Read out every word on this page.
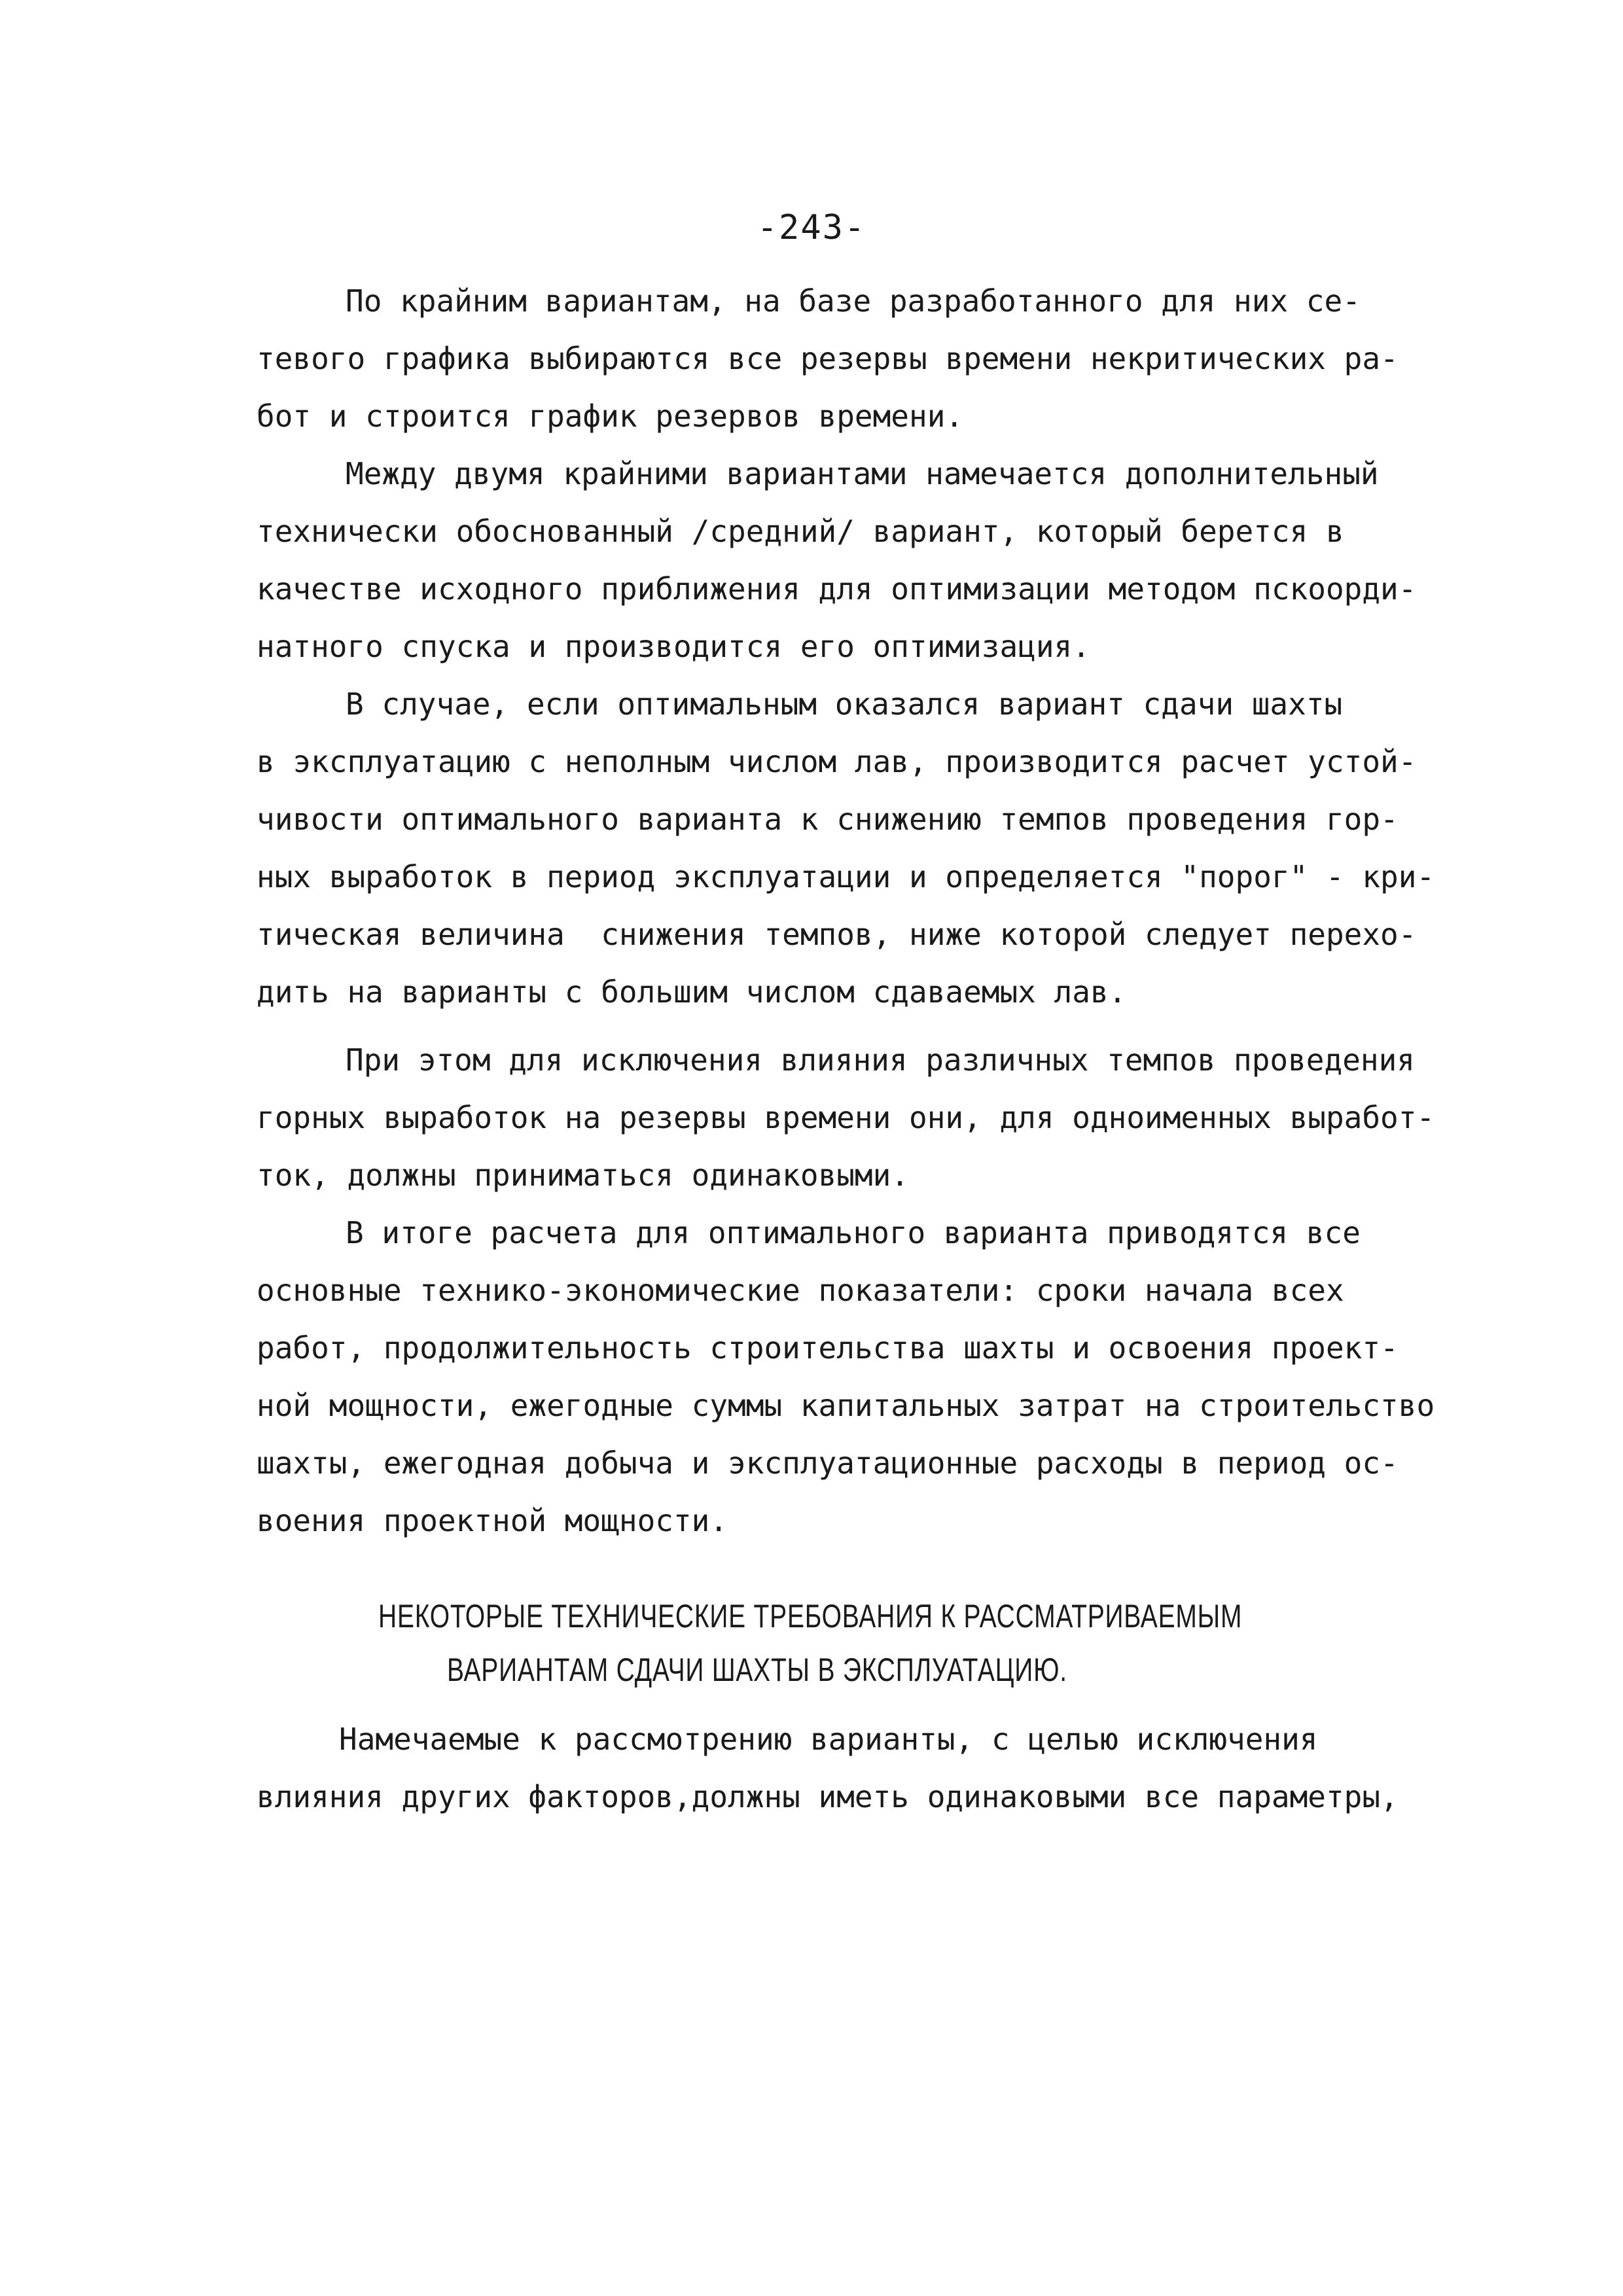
-243-
По крайним вариантам, на базе разработанного для них се-
тевого графика выбираются все резервы времени некритических ра-
бот и строится график резервов времени.
Между двумя крайними вариантами намечается дополнительный
технически обоснованный /средний/ вариант, который берется в
качестве исходного приближения для оптимизации методом пскоорди-
натного спуска и производится его оптимизация.
В случае, если оптимальным оказался вариант сдачи шахты
в эксплуатацию с неполным числом лав, производится расчет устой-
чивости оптимального варианта к снижению темпов проведения гор-
ных выработок в период эксплуатации и определяется "порог" - кри-
тическая величина  снижения темпов, ниже которой следует перехо-
дить на варианты с большим числом сдаваемых лав.
При этом для исключения влияния различных темпов проведения
горных выработок на резервы времени они, для одноименных выработ-
ток, должны приниматься одинаковыми.
В итоге расчета для оптимального варианта приводятся все
основные технико-экономические показатели: сроки начала всех
работ, продолжительность строительства шахты и освоения проект-
ной мощности, ежегодные суммы капитальных затрат на строительство
шахты, ежегодная добыча и эксплуатационные расходы в период ос-
воения проектной мощности.
НЕКОТОРЫЕ ТЕХНИЧЕСКИЕ ТРЕБОВАНИЯ К РАССМАТРИВАЕМЫМ
ВАРИАНТАМ СДАЧИ ШАХТЫ В ЭКСПЛУАТАЦИЮ.
Намечаемые к рассмотрению варианты, с целью исключения
влияния других факторов,должны иметь одинаковыми все параметры,
